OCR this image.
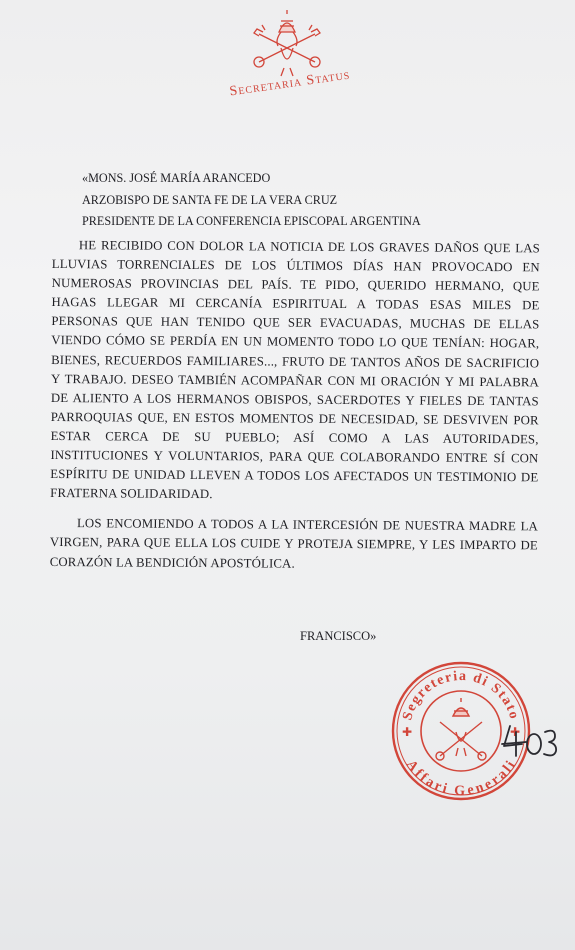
Secretaria Status
«MONS. JOSÉ MARÍA ARANCEDO
ARZOBISPO DE SANTA FE DE LA VERA CRUZ
PRESIDENTE DE LA CONFERENCIA EPISCOPAL ARGENTINA

HE RECIBIDO CON DOLOR LA NOTICIA DE LOS GRAVES DAÑOS QUE LAS LLUVIAS TORRENCIALES DE LOS ÚLTIMOS DÍAS HAN PROVOCADO EN NUMEROSAS PROVINCIAS DEL PAÍS. TE PIDO, QUERIDO HERMANO, QUE HAGAS LLEGAR MI CERCANÍA ESPIRITUAL A TODAS ESAS MILES DE PERSONAS QUE HAN TENIDO QUE SER EVACUADAS, MUCHAS DE ELLAS VIENDO CÓMO SE PERDÍA EN UN MOMENTO TODO LO QUE TENÍAN: HOGAR, BIENES, RECUERDOS FAMILIARES..., FRUTO DE TANTOS AÑOS DE SACRIFICIO Y TRABAJO. DESEO TAMBIÉN ACOMPAÑAR CON MI ORACIÓN Y MI PALABRA DE ALIENTO A LOS HERMANOS OBISPOS, SACERDOTES Y FIELES DE TANTAS PARROQUIAS QUE, EN ESTOS MOMENTOS DE NECESIDAD, SE DESVIVEN POR ESTAR CERCA DE SU PUEBLO; ASÍ COMO A LAS AUTORIDADES, INSTITUCIONES Y VOLUNTARIOS, PARA QUE COLABORANDO ENTRE SÍ CON ESPÍRITU DE UNIDAD LLEVEN A TODOS LOS AFECTADOS UN TESTIMONIO DE FRATERNA SOLIDARIDAD.

LOS ENCOMIENDO A TODOS A LA INTERCESIÓN DE NUESTRA MADRE LA VIRGEN, PARA QUE ELLA LOS CUIDE Y PROTEJA SIEMPRE, Y LES IMPARTO DE CORAZÓN LA BENDICIÓN APOSTÓLICA.

FRANCISCO»
Segreteria di Stato
Affari Generali
✚	✚
